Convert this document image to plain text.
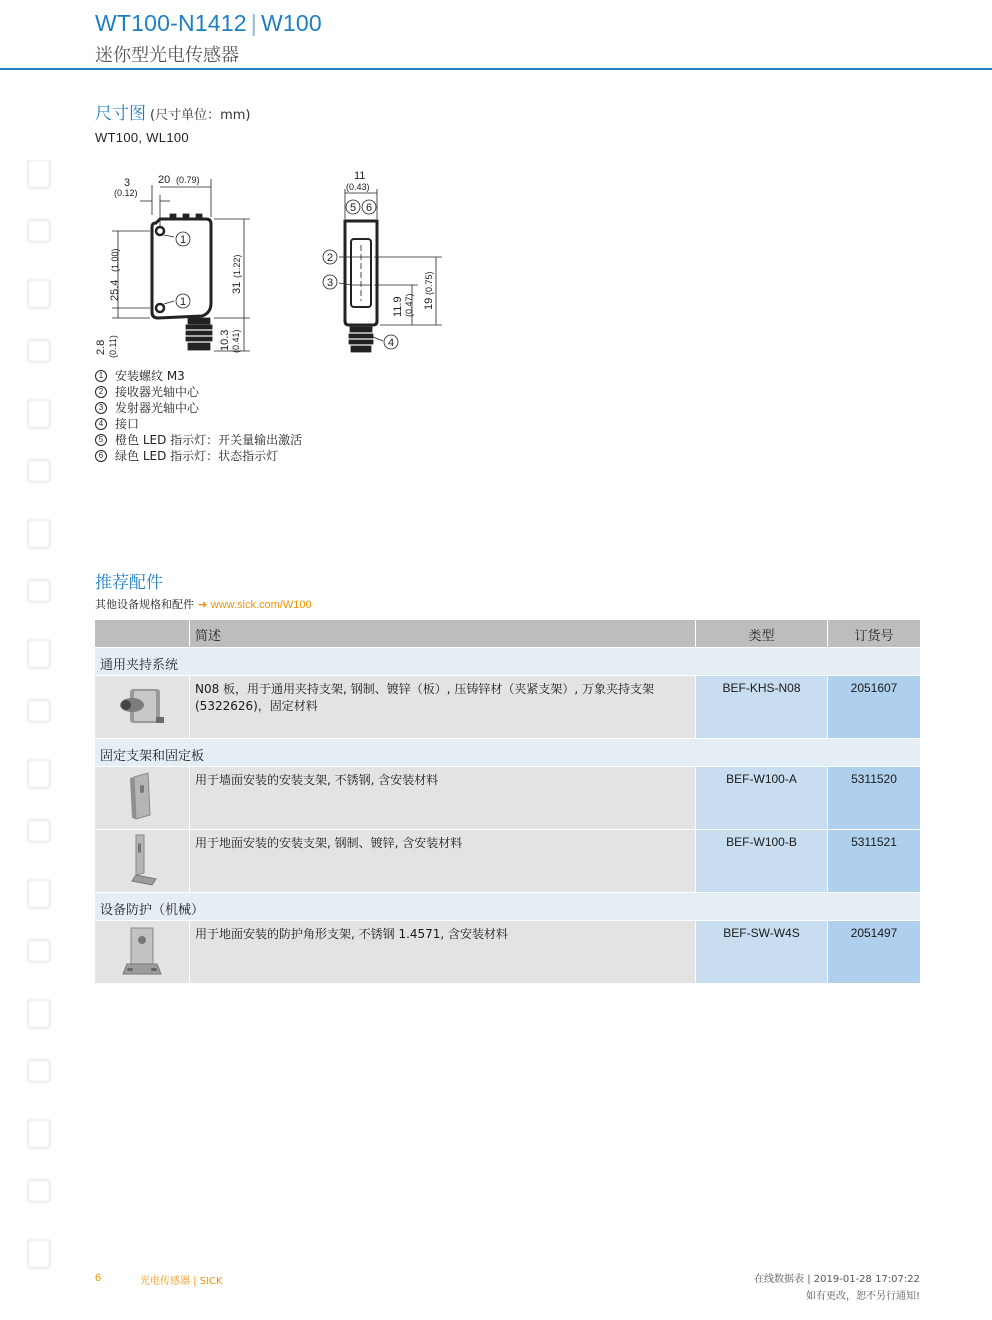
WT100-N1412 | W100
迷你型光电传感器
尺寸图 (尺寸单位：mm)
WT100, WL100
1
1
2
3
4
5 6
3
(0.12)
20 (0.79)	11
(0.43)
25.4
(1.00)
31
(1.22)
2.8 (0.11)	10.3 (0.41)
11.9 (0.47) 19
(0.75)
1 安装螺纹 M3
2 接收器光轴中心
3 发射器光轴中心
4 接口
5 橙色 LED 指示灯：开关量输出激活
6 绿色 LED 指示灯：状态指示灯
推荐配件
其他设备规格和配件 ➜ www.sick.com/W100
	简述	类型	订货号
通用夹持系统			
	N08 板，用于通用夹持支架, 钢制、镀锌（板）, 压铸锌材（夹紧支架）, 万象夹持支架 (5322626)，固定材料	BEF-KHS-N08	2051607
固定支架和固定板			
	用于墙面安装的安装支架, 不锈钢, 含安装材料	BEF-W100-A	5311520
	用于地面安装的安装支架, 钢制、镀锌, 含安装材料	BEF-W100-B	5311521
设备防护（机械）			
	用于地面安装的防护角形支架, 不锈钢 1.4571, 含安装材料	BEF-SW-W4S	2051497
6	光电传感器 | SICK	在线数据表 | 2019-01-28 17:07:22
如有更改，恕不另行通知!
